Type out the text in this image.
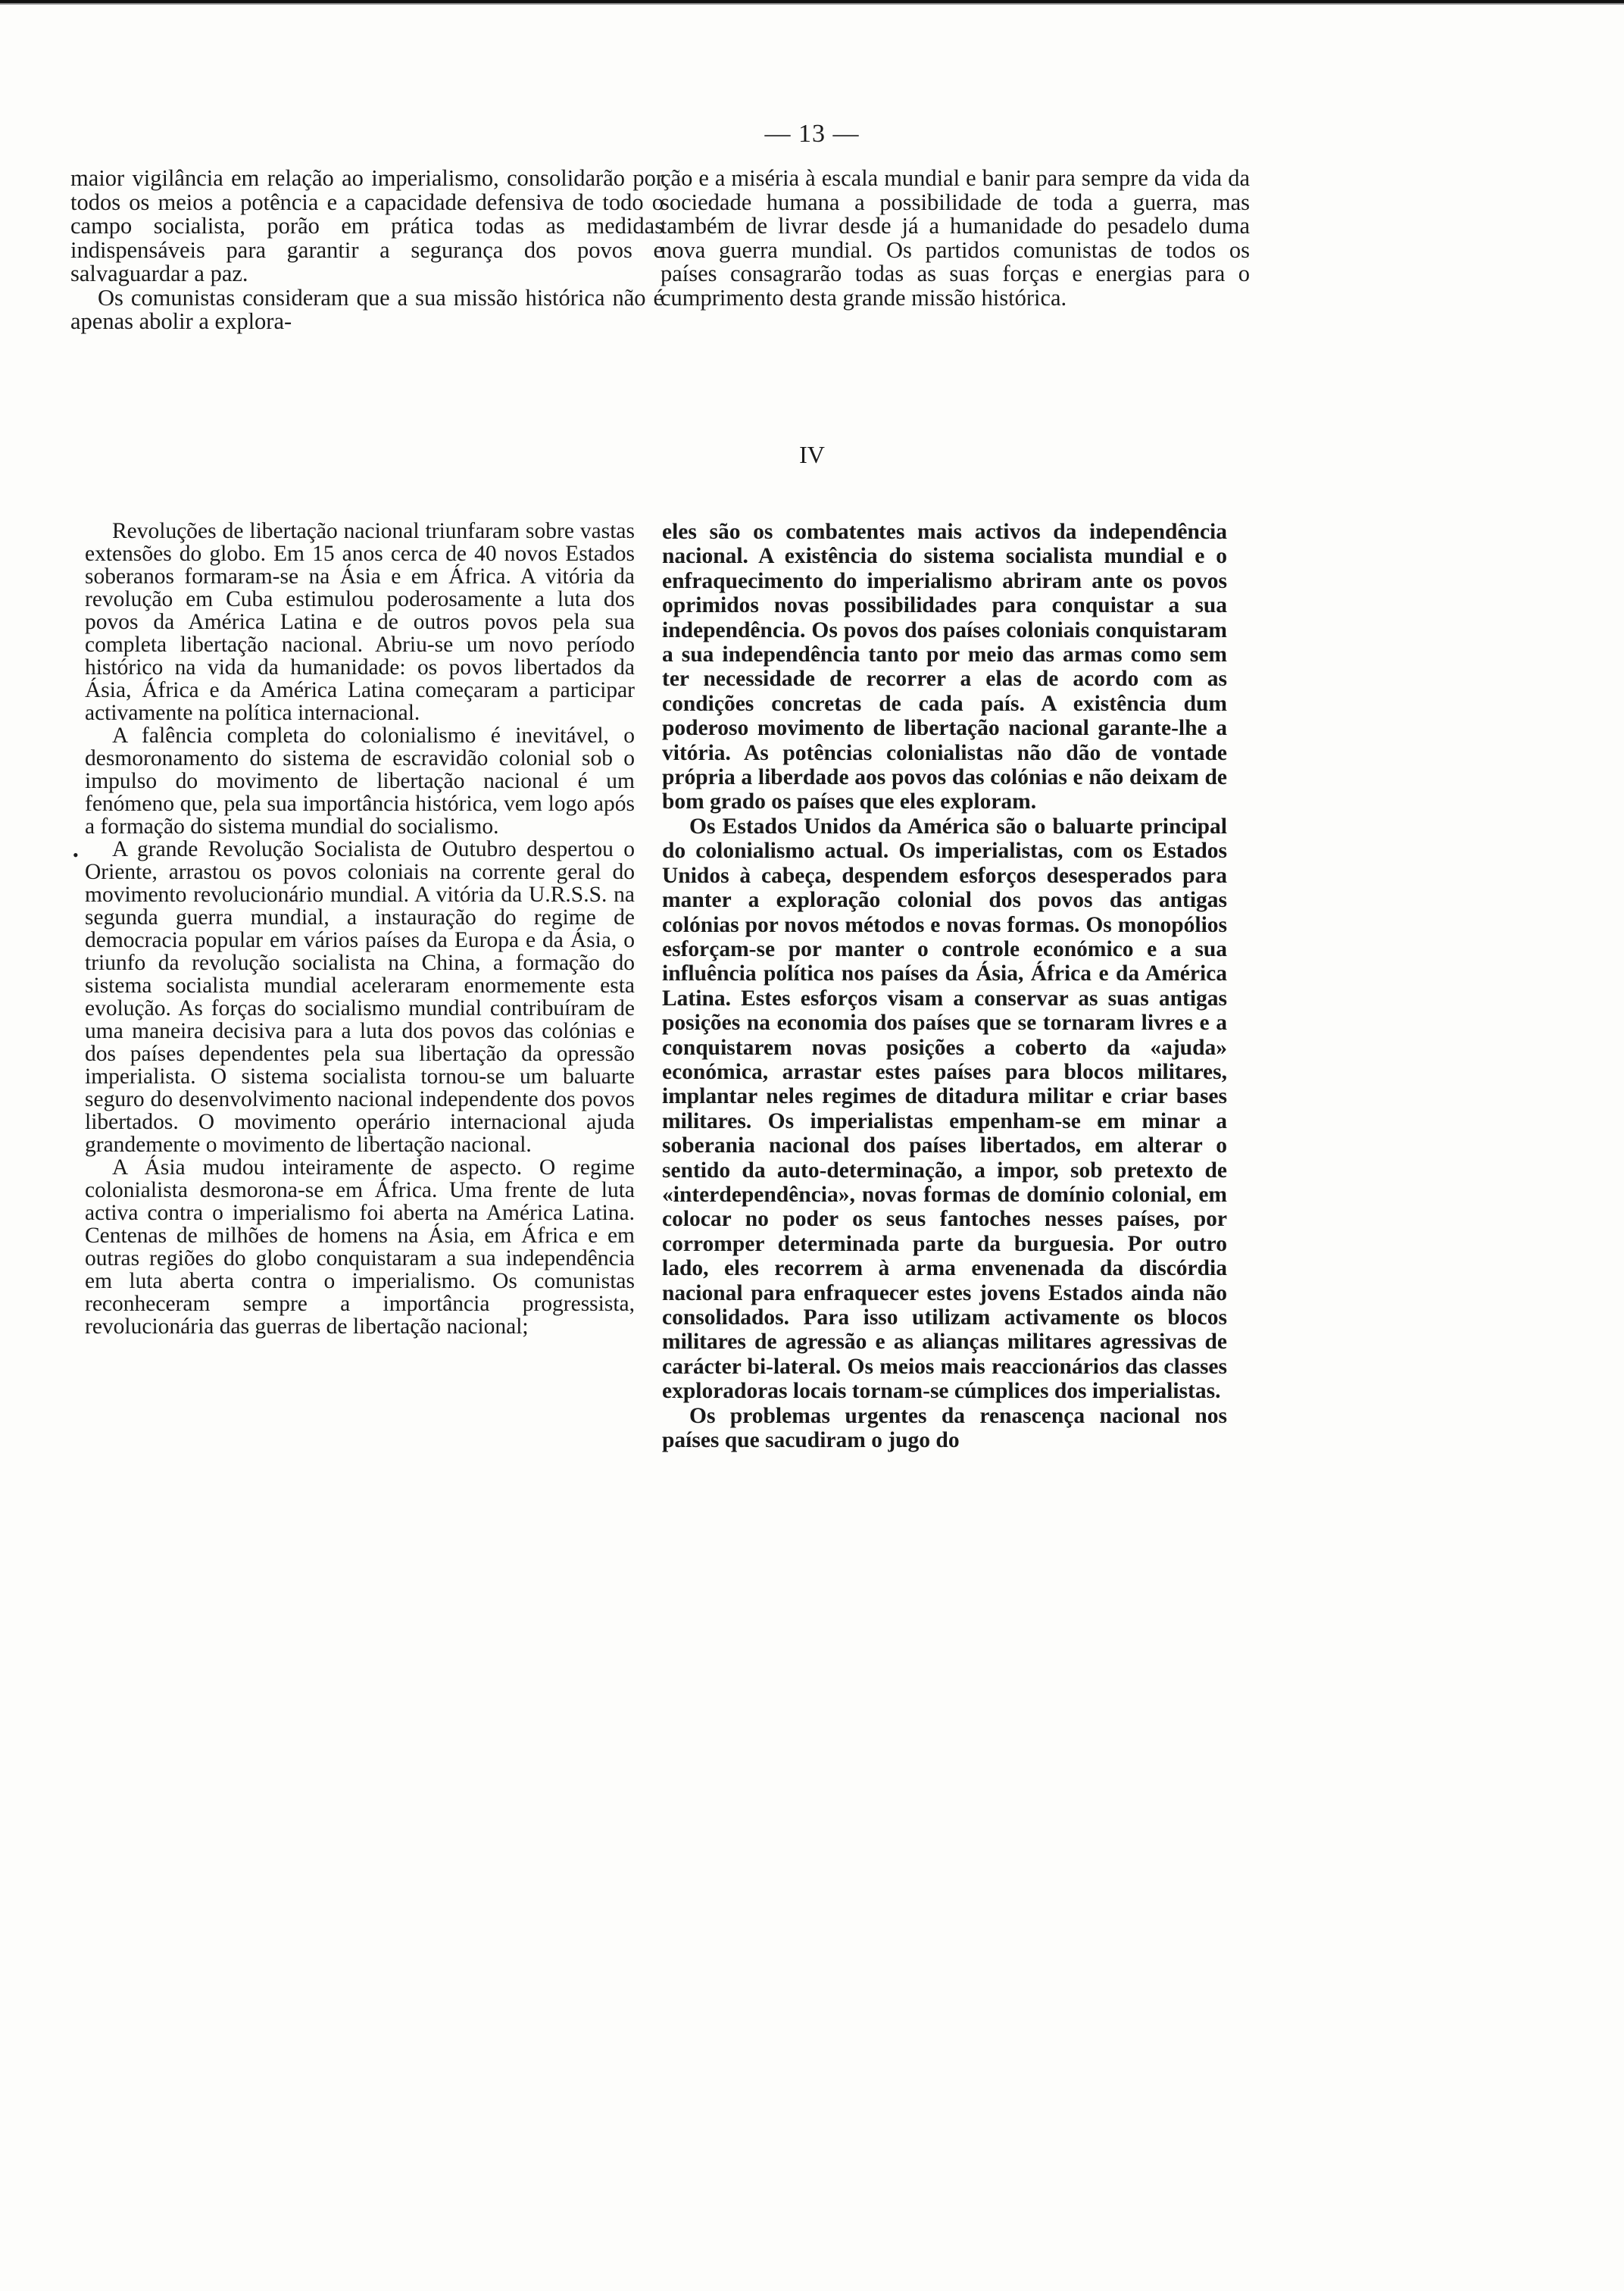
— 13 —

maior vigilância em relação ao imperialismo, consolidarão por todos os meios a potência e a capacidade defensiva de todo o campo socialista, porão em prática todas as medidas indispensáveis para garantir a segurança dos povos e salvaguardar a paz.

Os comunistas consideram que a sua missão histórica não é apenas abolir a explora-

ção e a miséria à escala mundial e banir para sempre da vida da sociedade humana a possibilidade de toda a guerra, mas também de livrar desde já a humanidade do pesadelo duma nova guerra mundial. Os partidos comunistas de todos os países consagrarão todas as suas forças e energias para o cumprimento desta grande missão histórica.

IV
•

Revoluções de libertação nacional triunfaram sobre vastas extensões do globo. Em 15 anos cerca de 40 novos Estados soberanos formaram-se na Ásia e em África. A vitória da revolução em Cuba estimulou poderosamente a luta dos povos da América Latina e de outros povos pela sua completa libertação nacional. Abriu-se um novo período histórico na vida da humanidade: os povos libertados da Ásia, África e da América Latina começaram a participar activamente na política internacional.

A falência completa do colonialismo é inevitável, o desmoronamento do sistema de escravidão colonial sob o impulso do movimento de libertação nacional é um fenómeno que, pela sua importância histórica, vem logo após a formação do sistema mundial do socialismo.

A grande Revolução Socialista de Outubro despertou o Oriente, arrastou os povos coloniais na corrente geral do movimento revolucionário mundial. A vitória da U.R.S.S. na segunda guerra mundial, a instauração do regime de democracia popular em vários países da Europa e da Ásia, o triunfo da revolução socialista na China, a formação do sistema socialista mundial aceleraram enormemente esta evolução. As forças do socialismo mundial contribuíram de uma maneira decisiva para a luta dos povos das colónias e dos países dependentes pela sua libertação da opressão imperialista. O sistema socialista tornou-se um baluarte seguro do desenvolvimento nacional independente dos povos libertados. O movimento operário internacional ajuda grandemente o movimento de libertação nacional.

A Ásia mudou inteiramente de aspecto. O regime colonialista desmorona-se em África. Uma frente de luta activa contra o imperialismo foi aberta na América Latina. Centenas de milhões de homens na Ásia, em África e em outras regiões do globo conquistaram a sua independência em luta aberta contra o imperialismo. Os comunistas reconheceram sempre a importância progressista, revolucionária das guerras de libertação nacional;

eles são os combatentes mais activos da independência nacional. A existência do sistema socialista mundial e o enfraquecimento do imperialismo abriram ante os povos oprimidos novas possibilidades para conquistar a sua independência. Os povos dos países coloniais conquistaram a sua independência tanto por meio das armas como sem ter necessidade de recorrer a elas de acordo com as condições concretas de cada país. A existência dum poderoso movimento de libertação nacional garante-lhe a vitória. As potências colonialistas não dão de vontade própria a liberdade aos povos das colónias e não deixam de bom grado os países que eles exploram.

Os Estados Unidos da América são o baluarte principal do colonialismo actual. Os imperialistas, com os Estados Unidos à cabeça, despendem esforços desesperados para manter a exploração colonial dos povos das antigas colónias por novos métodos e novas formas. Os monopólios esforçam-se por manter o controle económico e a sua influência política nos países da Ásia, África e da América Latina. Estes esforços visam a conservar as suas antigas posições na economia dos países que se tornaram livres e a conquistarem novas posições a coberto da «ajuda» económica, arrastar estes países para blocos militares, implantar neles regimes de ditadura militar e criar bases militares. Os imperialistas empenham-se em minar a soberania nacional dos países libertados, em alterar o sentido da auto-determinação, a impor, sob pretexto de «interdependência», novas formas de domínio colonial, em colocar no poder os seus fantoches nesses países, por corromper determinada parte da burguesia. Por outro lado, eles recorrem à arma envenenada da discórdia nacional para enfraquecer estes jovens Estados ainda não consolidados. Para isso utilizam activamente os blocos militares de agressão e as alianças militares agressivas de carácter bi-lateral. Os meios mais reaccionários das classes exploradoras locais tornam-se cúmplices dos imperialistas.

Os problemas urgentes da renascença nacional nos países que sacudiram o jugo do
